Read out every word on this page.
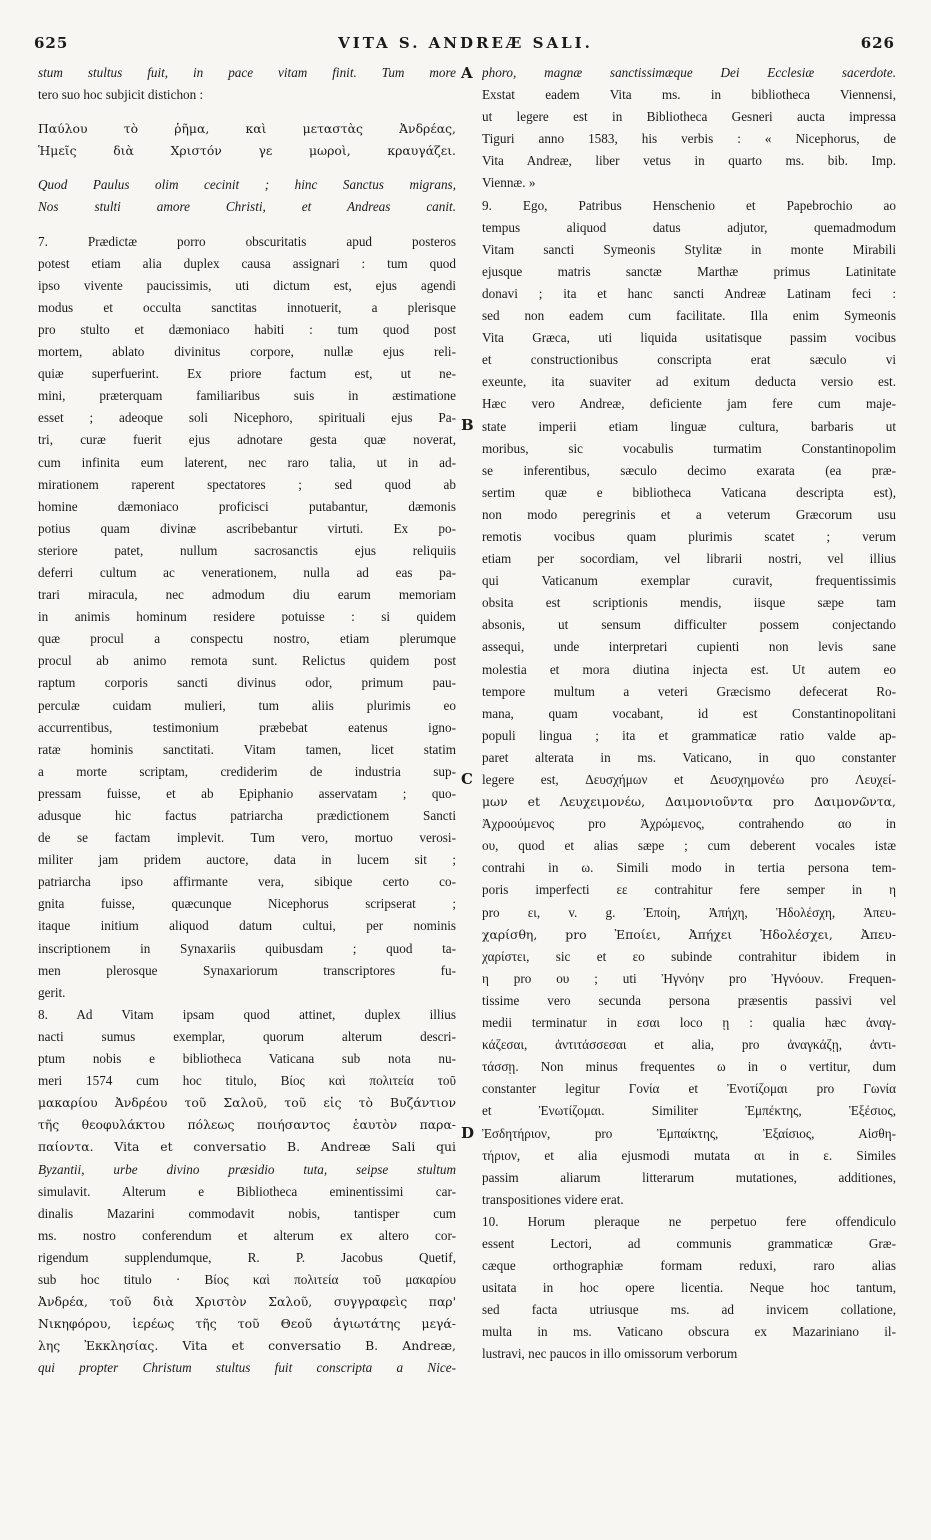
625	VITA S. ANDREÆ SALI.	626
stum stultus fuit, in pace vitam finit. Tum more
tero suo hoc subjicit distichon :
Παύλου τὸ ῥῆμα, καὶ μεταστὰς Ἀνδρέας,
Ἡμεῖς διὰ Χριστόν γε μωροὶ, κραυγάζει.
Quod Paulus olim cecinit ; hinc Sanctus migrans,
Nos stulti amore Christi, et Andreas canit.
7. Prædictæ porro obscuritatis apud posteros
potest etiam alia duplex causa assignari : tum quod
ipso vivente paucissimis, uti dictum est, ejus agendi
modus et occulta sanctitas innotuerit, a plerisque
pro stulto et dæmoniaco habiti : tum quod post
mortem, ablato divinitus corpore, nullæ ejus reli-
quiæ superfuerint. Ex priore factum est, ut ne-
mini, præterquam familiaribus suis in æstimatione
esset ; adeoque soli Nicephoro, spirituali ejus Pa-
tri, curæ fuerit ejus adnotare gesta quæ noverat,
cum infinita eum laterent, nec raro talia, ut in ad-
mirationem raperent spectatores ; sed quod ab
homine dæmoniaco proficisci putabantur, dæmonis
potius quam divinæ ascribebantur virtuti. Ex po-
steriore patet, nullum sacrosanctis ejus reliquiis
deferri cultum ac venerationem, nulla ad eas pa-
trari miracula, nec admodum diu earum memoriam
in animis hominum residere potuisse : si quidem
quæ procul a conspectu nostro, etiam plerumque
procul ab animo remota sunt. Relictus quidem post
raptum corporis sancti divinus odor, primum pau-
perculæ cuidam mulieri, tum aliis plurimis eo
accurrentibus, testimonium præbebat eatenus igno-
ratæ hominis sanctitati. Vitam tamen, licet statim
a morte scriptam, crediderim de industria sup-
pressam fuisse, et ab Epiphanio asservatam ; quo-
adusque hic factus patriarcha prædictionem Sancti
de se factam implevit. Tum vero, mortuo verosi-
militer jam pridem auctore, data in lucem sit ;
patriarcha ipso affirmante vera, sibique certo co-
gnita fuisse, quæcunque Nicephorus scripserat ;
itaque initium aliquod datum cultui, per nominis
inscriptionem in Synaxariis quibusdam ; quod ta-
men plerosque Synaxariorum transcriptores fu-
gerit.
8. Ad Vitam ipsam quod attinet, duplex illius
nacti sumus exemplar, quorum alterum descri-
ptum nobis e bibliotheca Vaticana sub nota nu-
meri 1574 cum hoc titulo, Βίος καὶ πολιτεία τοῦ
μακαρίου Ἀνδρέου τοῦ Σαλοῦ, τοῦ εἰς τὸ Βυζάντιον
τῆς θεοφυλάκτου πόλεως ποιήσαντος ἑαυτὸν παρα-
παίοντα. Vita et conversatio B. Andreæ Sali qui
Byzantii, urbe divino præsidio tuta, seipse stultum
simulavit. Alterum e Bibliotheca eminentissimi car-
dinalis Mazarini commodavit nobis, tantisper cum
ms. nostro conferendum et alterum ex altero cor-
rigendum supplendumque, R. P. Jacobus Quetif,
sub hoc titulo · Βίος καὶ πολιτεία τοῦ μακαρίου
Ἀνδρέα, τοῦ διὰ Χριστὸν Σαλοῦ, συγγραφεὶς παρ'
Νικηφόρου, ἱερέως τῆς τοῦ Θεοῦ ἁγιωτάτης μεγά-
λης Ἐκκλησίας. Vita et conversatio B. Andreæ,
qui propter Christum stultus fuit conscripta a Nice-
phoro, magnæ sanctissimæque Dei Ecclesiæ sacerdote.
Exstat eadem Vita ms. in bibliotheca Viennensi,
ut legere est in Bibliotheca Gesneri aucta impressa
Tiguri anno 1583, his verbis : « Nicephorus, de
Vita Andreæ, liber vetus in quarto ms. bib. Imp.
Viennæ. »
9. Ego, Patribus Henschenio et Papebrochio ao
tempus aliquod datus adjutor, quemadmodum
Vitam sancti Symeonis Stylitæ in monte Mirabili
ejusque matris sanctæ Marthæ primus Latinitate
donavi ; ita et hanc sancti Andreæ Latinam feci :
sed non eadem cum facilitate. Illa enim Symeonis
Vita Græca, uti liquida usitatisque passim vocibus
et constructionibus conscripta erat sæculo vi
exeunte, ita suaviter ad exitum deducta versio est.
Hæc vero Andreæ, deficiente jam fere cum maje-
state imperii etiam linguæ cultura, barbaris ut
moribus, sic vocabulis turmatim Constantinopolim
se inferentibus, sæculo decimo exarata (ea præ-
sertim quæ e bibliotheca Vaticana descripta est),
non modo peregrinis et a veterum Græcorum usu
remotis vocibus quam plurimis scatet ; verum
etiam per socordiam, vel librarii nostri, vel illius
qui Vaticanum exemplar curavit, frequentissimis
obsita est scriptionis mendis, iisque sæpe tam
absonis, ut sensum difficulter possem conjectando
assequi, unde interpretari cupienti non levis sane
molestia et mora diutina injecta est. Ut autem eo
tempore multum a veteri Græcismo defecerat Ro-
mana, quam vocabant, id est Constantinopolitani
populi lingua ; ita et grammaticæ ratio valde ap-
paret alterata in ms. Vaticano, in quo constanter
legere est, Δευσχήμων et Δευσχημονέω pro Λευχεί-
μων et Λευχειμονέω, Δαιμονιοῦντα pro Δαιμονῶντα,
Ἀχροούμενος pro Ἀχρώμενος, contrahendo αο in
ου, quod et alias sæpe ; cum deberent vocales istæ
contrahi in ω. Simili modo in tertia persona tem-
poris imperfecti εε contrahitur fere semper in η
pro ει, v. g. Ἐποίη, Ἀπήχη, Ἠδολέσχη, Ἀπευ-
χαρίσθη, pro Ἐποίει, Ἀπήχει Ἠδολέσχει, Ἀπευ-
χαρίστει, sic et εο subinde contrahitur ibidem in
η pro ου ; uti Ἠγνόην pro Ἠγνόουν. Frequen-
tissime vero secunda persona præsentis passivi vel
medii terminatur in εσαι loco ῃ : qualia hæc ἀναγ-
κάζεσαι, ἀντιτάσσεσαι et alia, pro ἀναγκάζῃ, ἀντι-
τάσσῃ. Non minus frequentes ω in ο vertitur, dum
constanter legitur Γονία et Ἐνοτίζομαι pro Γωνία
et Ἐνωτίζομαι. Similiter Ἐμπέκτης, Ἐξέσιος,
Ἐσδητήριον, pro Ἐμπαίκτης, Ἐξαίσιος, Αἰσθη-
τήριον, et alia ejusmodi mutata αι in ε. Similes
passim aliarum litterarum mutationes, additiones,
transpositiones videre erat.
10. Horum pleraque ne perpetuo fere offendiculo
essent Lectori, ad communis grammaticæ Græ-
cæque orthographiæ formam reduxi, raro alias
usitata in hoc opere licentia. Neque hoc tantum,
sed facta utriusque ms. ad invicem collatione,
multa in ms. Vaticano obscura ex Mazariniano il-
lustravi, nec paucos in illo omissorum verborum
A
B
C
D
